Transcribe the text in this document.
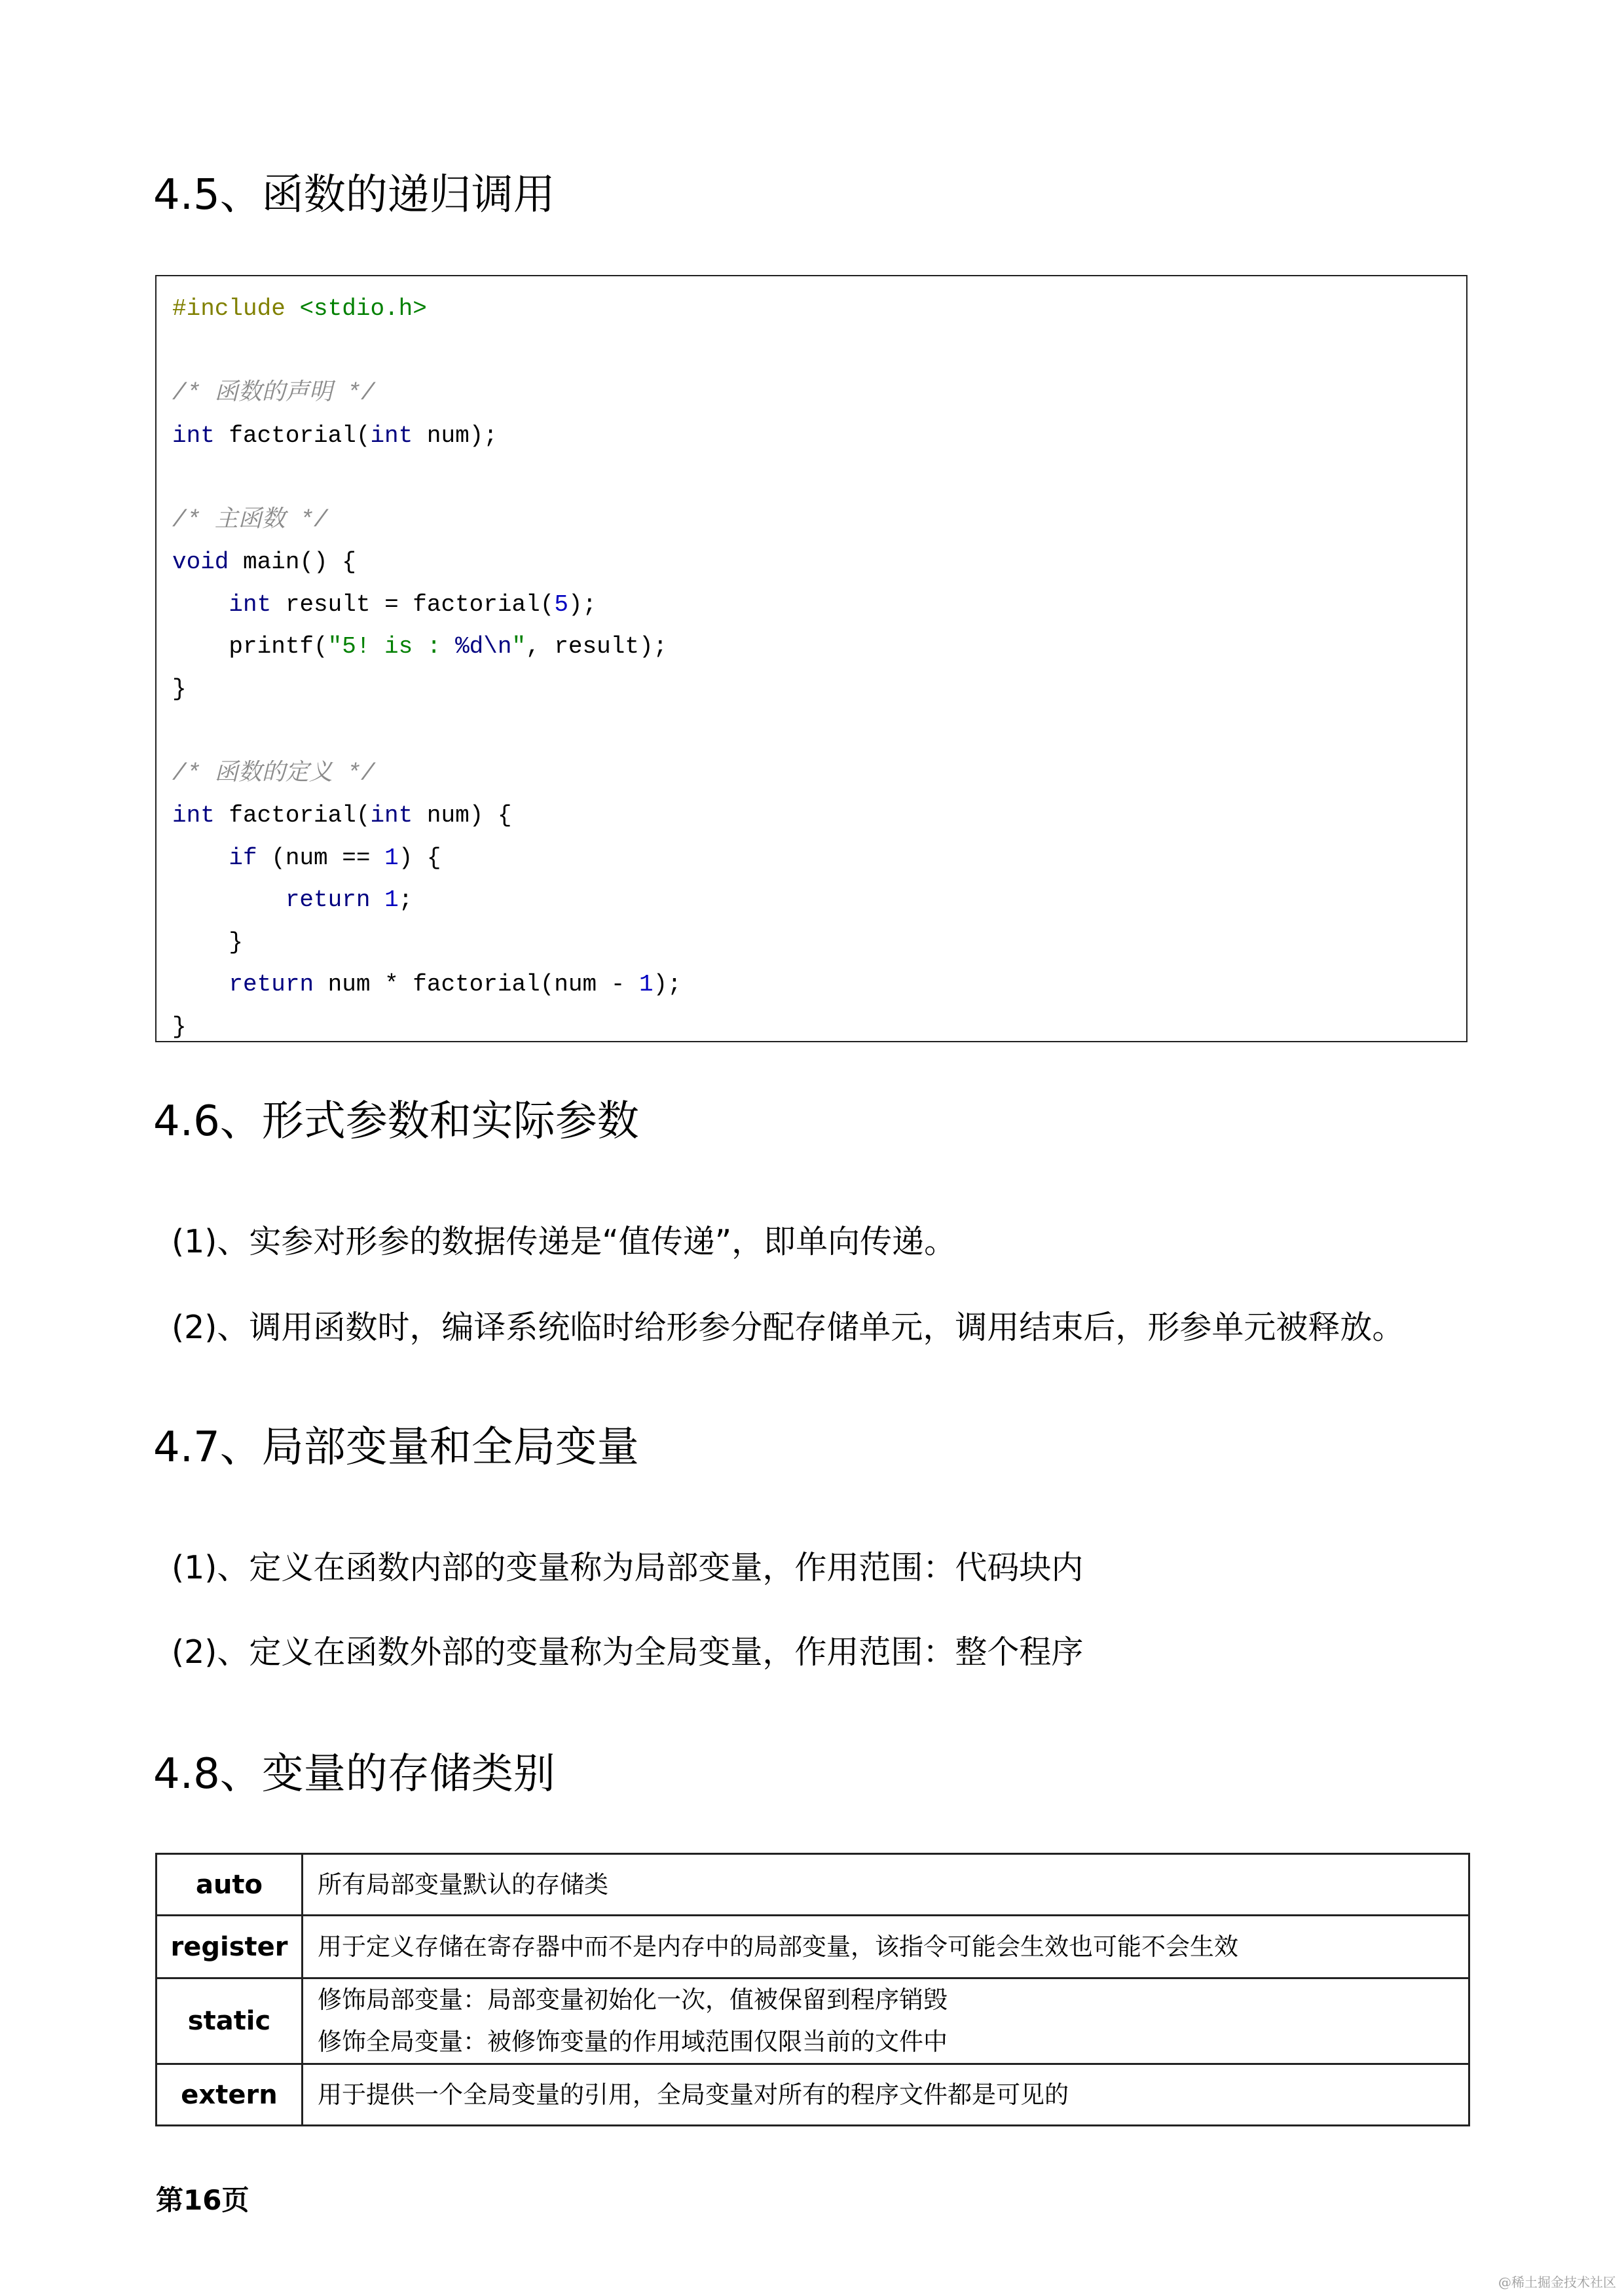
4.5、函数的递归调用
#include <stdio.h>

/* 函数的声明 */
int factorial(int num);

/* 主函数 */
void main() {
int result = factorial(5);
printf("5! is : %d\n", result);
}

/* 函数的定义 */
int factorial(int num) {
if (num == 1) {
return 1;
}
return num * factorial(num - 1);
}
4.6、形式参数和实际参数
(1)、实参对形参的数据传递是“值传递”，即单向传递。
(2)、调用函数时，编译系统临时给形参分配存储单元，调用结束后，形参单元被释放。
4.7、局部变量和全局变量
(1)、定义在函数内部的变量称为局部变量，作用范围：代码块内
(2)、定义在函数外部的变量称为全局变量，作用范围：整个程序
4.8、变量的存储类别
auto	所有局部变量默认的存储类

register	用于定义存储在寄存器中而不是内存中的局部变量，该指令可能会生效也可能不会生效

static	修饰局部变量：局部变量初始化一次，值被保留到程序销毁
修饰全局变量：被修饰变量的作用域范围仅限当前的文件中

extern	用于提供一个全局变量的引用，全局变量对所有的程序文件都是可见的
第16页
@稀土掘金技术社区
